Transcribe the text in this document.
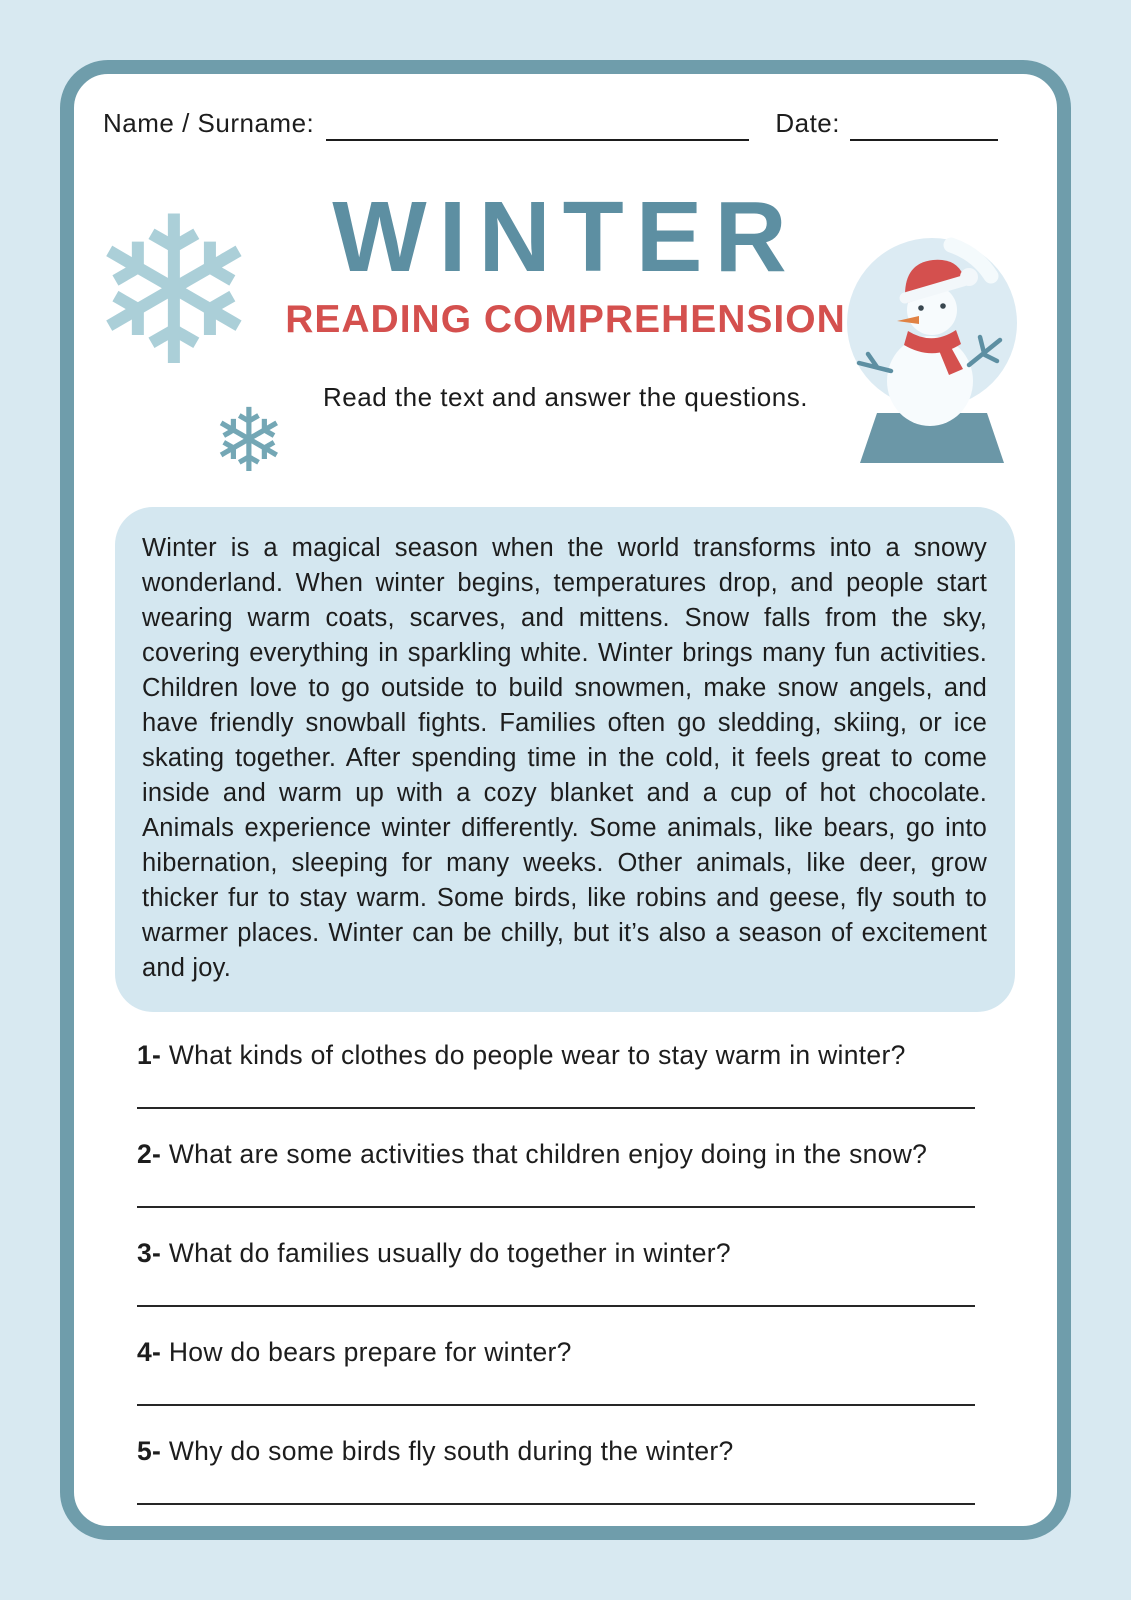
Name / Surname:	Date:
❄
❄
WINTER
READING COMPREHENSION
Read the text and answer the questions.

Winter is a magical season when the world transforms into a snowy wonderland. When winter begins, temperatures drop, and people start wearing warm coats, scarves, and mittens. Snow falls from the sky, covering everything in sparkling white. Winter brings many fun activities. Children love to go outside to build snowmen, make snow angels, and have friendly snowball fights. Families often go sledding, skiing, or ice skating together. After spending time in the cold, it feels great to come inside and warm up with a cozy blanket and a cup of hot chocolate. Animals experience winter differently. Some animals, like bears, go into hibernation, sleeping for many weeks. Other animals, like deer, grow thicker fur to stay warm. Some birds, like robins and geese, fly south to warmer places. Winter can be chilly, but it’s also a season of excitement and joy.

1- What kinds of clothes do people wear to stay warm in winter?

2- What are some activities that children enjoy doing in the snow?

3- What do families usually do together in winter?

4- How do bears prepare for winter?

5- Why do some birds fly south during the winter?
